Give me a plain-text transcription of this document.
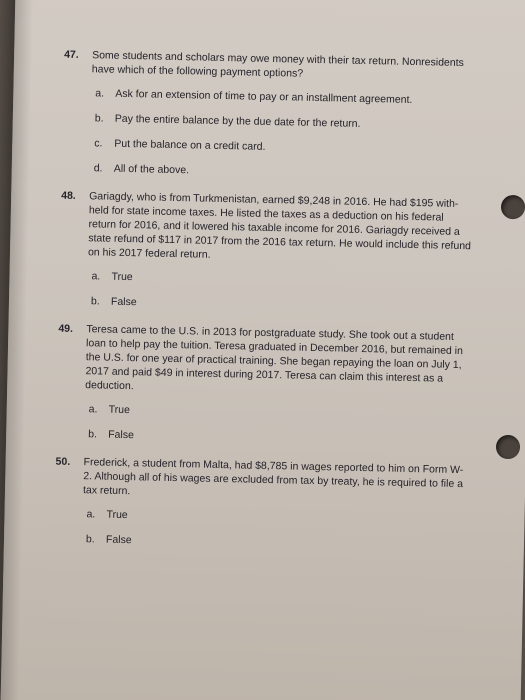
47.	Some students and scholars may owe money with their tax return. Nonresidents have which of the following payment options?
a.	Ask for an extension of time to pay or an installment agreement.
b.	Pay the entire balance by the due date for the return.
c.	Put the balance on a credit card.
d.	All of the above.
48.	Gariagdy, who is from Turkmenistan, earned $9,248 in 2016. He had $195 with-held for state income taxes. He listed the taxes as a deduction on his federal return for 2016, and it lowered his taxable income for 2016. Gariagdy received a state refund of $117 in 2017 from the 2016 tax return. He would include this refund on his 2017 federal return.
a.	True
b.	False
49.	Teresa came to the U.S. in 2013 for postgraduate study. She took out a student loan to help pay the tuition. Teresa graduated in December 2016, but remained in the U.S. for one year of practical training. She began repaying the loan on July 1, 2017 and paid $49 in interest during 2017. Teresa can claim this interest as a deduction.
a.	True
b.	False
50.	Frederick, a student from Malta, had $8,785 in wages reported to him on Form W-2. Although all of his wages are excluded from tax by treaty, he is required to file a tax return.
a.	True
b.	False
